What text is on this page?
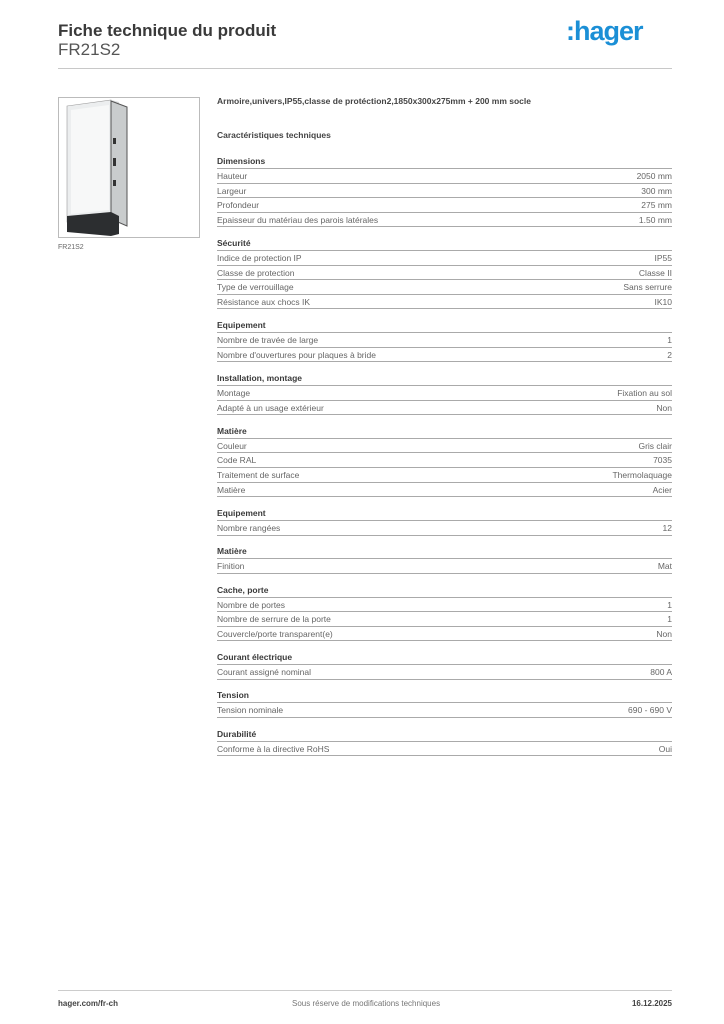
Fiche technique du produit
FR21S2
:hager
FR21S2
Armoire,univers,IP55,classe de protéction2,1850x300x275mm + 200 mm socle
Caractéristiques techniques
Dimensions
Hauteur	2050 mm
Largeur	300 mm
Profondeur	275 mm
Epaisseur du matériau des parois latérales	1.50 mm
Sécurité
Indice de protection IP	IP55
Classe de protection	Classe II
Type de verrouillage	Sans serrure
Résistance aux chocs IK	IK10
Equipement
Nombre de travée de large	1
Nombre d'ouvertures pour plaques à bride	2
Installation, montage
Montage	Fixation au sol
Adapté à un usage extérieur	Non
Matière
Couleur	Gris clair
Code RAL	7035
Traitement de surface	Thermolaquage
Matière	Acier
Equipement
Nombre rangées	12
Matière
Finition	Mat
Cache, porte
Nombre de portes	1
Nombre de serrure de la porte	1
Couvercle/porte transparent(e)	Non
Courant électrique
Courant assigné nominal	800 A
Tension
Tension nominale	690 - 690 V
Durabilité
Conforme à la directive RoHS	Oui
hager.com/fr-ch	Sous réserve de modifications techniques	16.12.2025
